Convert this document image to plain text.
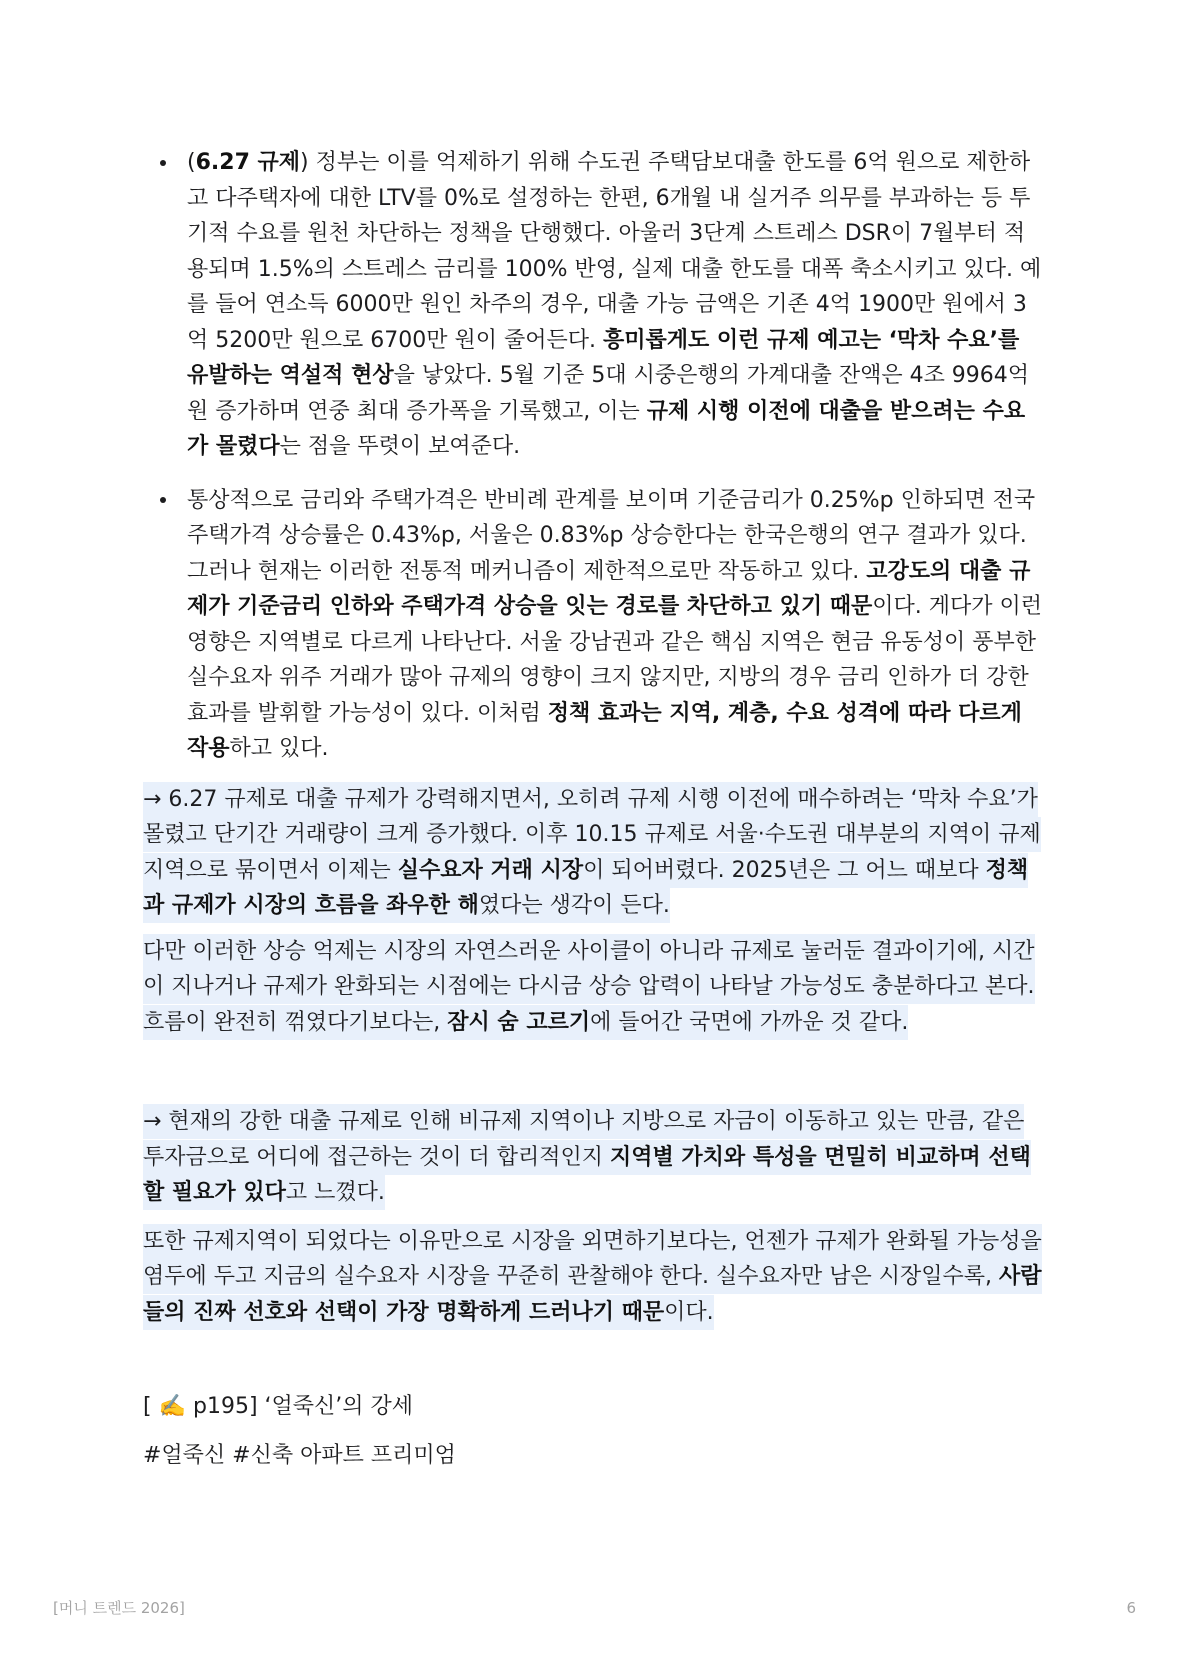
(6.27 규제) 정부는 이를 억제하기 위해 수도권 주택담보대출 한도를 6억 원으로 제한하고 다주택자에 대한 LTV를 0%로 설정하는 한편, 6개월 내 실거주 의무를 부과하는 등 투기적 수요를 원천 차단하는 정책을 단행했다. 아울러 3단계 스트레스 DSR이 7월부터 적용되며 1.5%의 스트레스 금리를 100% 반영, 실제 대출 한도를 대폭 축소시키고 있다. 예를 들어 연소득 6000만 원인 차주의 경우, 대출 가능 금액은 기존 4억 1900만 원에서 3억 5200만 원으로 6700만 원이 줄어든다. 흥미롭게도 이런 규제 예고는 ‘막차 수요’를 유발하는 역설적 현상을 낳았다. 5월 기준 5대 시중은행의 가계대출 잔액은 4조 9964억 원 증가하며 연중 최대 증가폭을 기록했고, 이는 규제 시행 이전에 대출을 받으려는 수요가 몰렸다는 점을 뚜렷이 보여준다.

통상적으로 금리와 주택가격은 반비례 관계를 보이며 기준금리가 0.25%p 인하되면 전국 주택가격 상승률은 0.43%p, 서울은 0.83%p 상승한다는 한국은행의 연구 결과가 있다. 그러나 현재는 이러한 전통적 메커니즘이 제한적으로만 작동하고 있다. 고강도의 대출 규제가 기준금리 인하와 주택가격 상승을 잇는 경로를 차단하고 있기 때문이다. 게다가 이런 영향은 지역별로 다르게 나타난다. 서울 강남권과 같은 핵심 지역은 현금 유동성이 풍부한 실수요자 위주 거래가 많아 규제의 영향이 크지 않지만, 지방의 경우 금리 인하가 더 강한 효과를 발휘할 가능성이 있다. 이처럼 정책 효과는 지역, 계층, 수요 성격에 따라 다르게 작용하고 있다.

→ 6.27 규제로 대출 규제가 강력해지면서, 오히려 규제 시행 이전에 매수하려는 ‘막차 수요’가 몰렸고 단기간 거래량이 크게 증가했다. 이후 10.15 규제로 서울·수도권 대부분의 지역이 규제지역으로 묶이면서 이제는 실수요자 거래 시장이 되어버렸다. 2025년은 그 어느 때보다 정책과 규제가 시장의 흐름을 좌우한 해였다는 생각이 든다.

다만 이러한 상승 억제는 시장의 자연스러운 사이클이 아니라 규제로 눌러둔 결과이기에, 시간이 지나거나 규제가 완화되는 시점에는 다시금 상승 압력이 나타날 가능성도 충분하다고 본다. 흐름이 완전히 꺾였다기보다는, 잠시 숨 고르기에 들어간 국면에 가까운 것 같다.

→ 현재의 강한 대출 규제로 인해 비규제 지역이나 지방으로 자금이 이동하고 있는 만큼, 같은 투자금으로 어디에 접근하는 것이 더 합리적인지 지역별 가치와 특성을 면밀히 비교하며 선택할 필요가 있다고 느꼈다.

또한 규제지역이 되었다는 이유만으로 시장을 외면하기보다는, 언젠가 규제가 완화될 가능성을 염두에 두고 지금의 실수요자 시장을 꾸준히 관찰해야 한다. 실수요자만 남은 시장일수록, 사람들의 진짜 선호와 선택이 가장 명확하게 드러나기 때문이다.

[ ✍️ p195] ‘얼죽신’의 강세

#얼죽신 #신축 아파트 프리미엄

[머니 트렌드 2026]	6
